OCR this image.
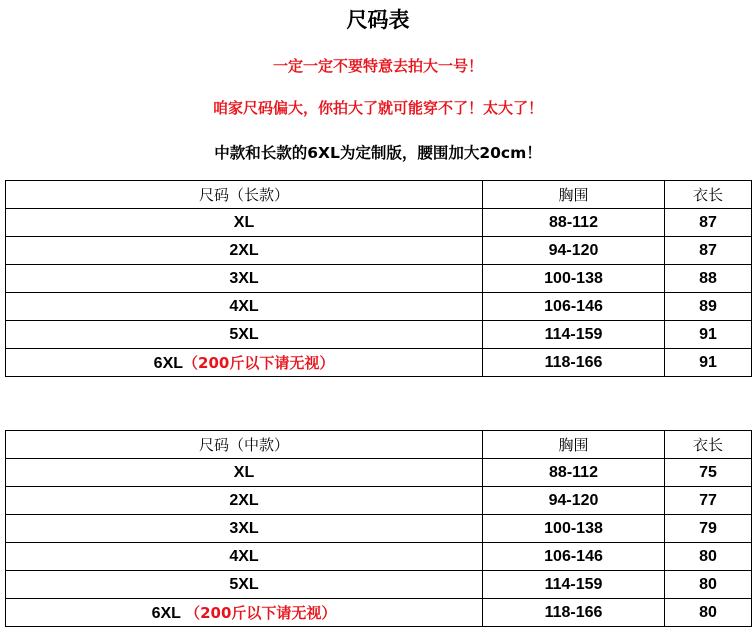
尺码表
一定一定不要特意去拍大一号！
咱家尺码偏大，你拍大了就可能穿不了！太大了！
中款和长款的6XL为定制版，腰围加大20cm！
尺码（长款）	胸围	衣长
XL	88-112	87
2XL	94-120	87
3XL	100-138	88
4XL	106-146	89
5XL	114-159	91
6XL（200斤以下请无视）	118-166	91
尺码（中款）	胸围	衣长
XL	88-112	75
2XL	94-120	77
3XL	100-138	79
4XL	106-146	80
5XL	114-159	80
6XL （200斤以下请无视）	118-166	80
